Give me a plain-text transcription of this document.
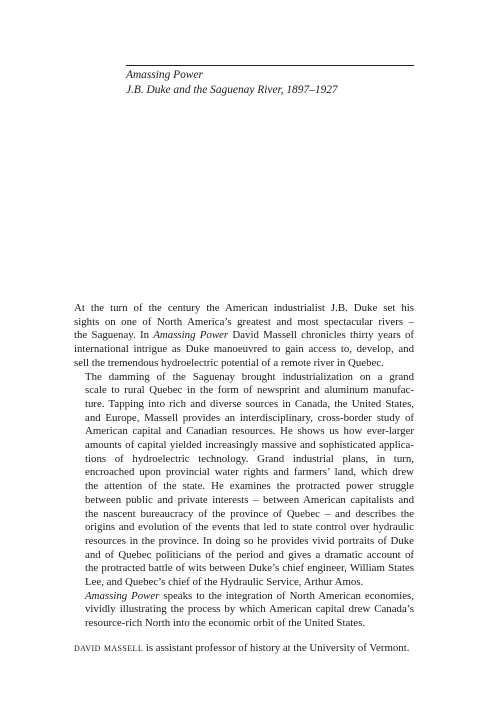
Amassing Power
J.B. Duke and the Saguenay River, 1897–1927

At the turn of the century the American industrialist J.B. Duke set his
sights on one of North America’s greatest and most spectacular rivers –
the Saguenay. In Amassing Power David Massell chronicles thirty years of
international intrigue as Duke manoeuvred to gain access to, develop, and
sell the tremendous hydroelectric potential of a remote river in Quebec.

The damming of the Saguenay brought industrialization on a grand
scale to rural Quebec in the form of newsprint and aluminum manufac-
ture. Tapping into rich and diverse sources in Canada, the United States,
and Europe, Massell provides an interdisciplinary, cross-border study of
American capital and Canadian resources. He shows us how ever-larger
amounts of capital yielded increasingly massive and sophisticated applica-
tions of hydroelectric technology. Grand industrial plans, in turn,
encroached upon provincial water rights and farmers’ land, which drew
the attention of the state. He examines the protracted power struggle
between public and private interests – between American capitalists and
the nascent bureaucracy of the province of Quebec – and describes the
origins and evolution of the events that led to state control over hydraulic
resources in the province. In doing so he provides vivid portraits of Duke
and of Quebec politicians of the period and gives a dramatic account of
the protracted battle of wits between Duke’s chief engineer, William States
Lee, and Quebec’s chief of the Hydraulic Service, Arthur Amos.

Amassing Power speaks to the integration of North American economies,
vividly illustrating the process by which American capital drew Canada’s
resource-rich North into the economic orbit of the United States.

david massell is assistant professor of history at the University of Vermont.
